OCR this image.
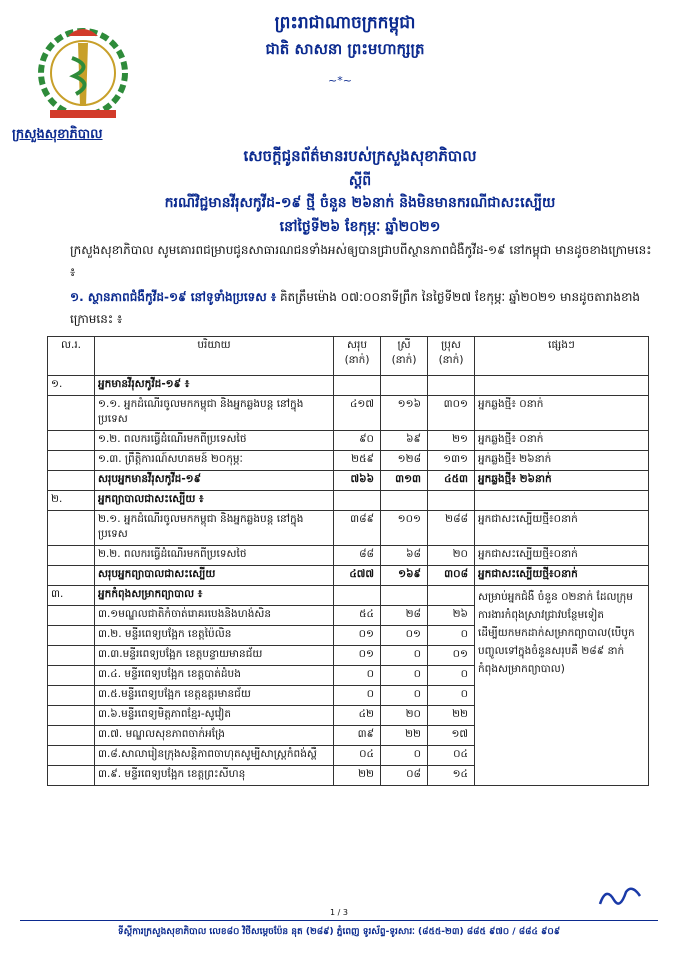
ព្រះរាជាណាចក្រកម្ពុជា
ជាតិ សាសនា ព្រះមហាក្សត្រ
~*~
ក្រសួងសុខាភិបាល
សេចក្តីជូនព័ត៌មានរបស់ក្រសួងសុខាភិបាល
ស្តីពី
ករណីវិជ្ជមានវីរុសកូវីដ-១៩ ថ្មី ចំនួន ២៦នាក់ និងមិនមានករណីជាសះស្បើយ
នៅថ្ងៃទី២៦ ខែកុម្ភៈ ឆ្នាំ២០២១
ក្រសួងសុខាភិបាល សូមគោរពជម្រាបជូនសាធារណជនទាំងអស់ឲ្យបានជ្រាបពីស្ថានភាពជំងឺកូវីដ-១៩ នៅកម្ពុជា មានដូចខាងក្រោមនេះ ៖
១. ស្ថានភាពជំងឺកូវីដ-១៩ នៅទូទាំងប្រទេស ៖ គិតត្រឹមម៉ោង ០៧:០០នាទីព្រឹក នៃថ្ងៃទី២៧ ខែកុម្ភៈ ឆ្នាំ២០២១ មានដូចតារាងខាងក្រោមនេះ ៖
ល.រ.	បរិយាយ	សរុប (នាក់)	ស្រី (នាក់)	ប្រុស (នាក់)	ផ្សេងៗ
១.	អ្នកមានវីរុសកូវីដ-១៩ ៖				
	១.១. អ្នកដំណើរចូលមកកម្ពុជា និងអ្នកឆ្លងបន្ត នៅក្នុងប្រទេស	៤១៧	១១៦	៣០១	អ្នកឆ្លងថ្មី៖ ០នាក់
	១.២. ពលករធ្វើដំណើរមកពីប្រទេសថៃ	៩០	៦៩	២១	អ្នកឆ្លងថ្មី៖ ០នាក់
	១.៣. ព្រឹត្តិការណ៍សហគមន៍ ២០កុម្ភៈ	២៥៩	១២៨	១៣១	អ្នកឆ្លងថ្មី៖ ២៦នាក់
	សរុបអ្នកមានវីរុសកូវីដ-១៩	៧៦៦	៣១៣	៤៥៣	អ្នកឆ្លងថ្មី៖ ២៦នាក់
២.	អ្នកព្យាបាលជាសះស្បើយ ៖				
	២.១. អ្នកដំណើរចូលមកកម្ពុជា និងអ្នកឆ្លងបន្ត នៅក្នុងប្រទេស	៣៨៩	១០១	២៨៨	អ្នកជាសះស្បើយថ្មី៖០នាក់
	២.២. ពលករធ្វើដំណើរមកពីប្រទេសថៃ	៨៨	៦៨	២០	អ្នកជាសះស្បើយថ្មី៖០នាក់
	សរុបអ្នកព្យាបាលជាសះស្បើយ	៤៧៧	១៦៩	៣០៨	អ្នកជាសះស្បើយថ្មី៖០នាក់
៣.	អ្នកកំពុងសម្រាកព្យាបាល ៖				សម្រាប់អ្នកជំងឺ ចំនួន ០២នាក់ ដែលក្រុមការងារកំពុងស្រាវជ្រាវបន្ថែមទៀត ដើម្បីយកមកដាក់សម្រាកព្យាបាល(បើបូកបញ្ចូលទៅក្នុងចំនួនសរុបគឺ ២៨៩ នាក់ កំពុងសម្រាកព្យាបាល)
	៣.១មណ្ឌលជាតិកំចាត់រោគរបេងនិងហង់សិន	៥៤	២៨	២៦	
	៣.២. មន្ទីរពេទ្យបង្អែក ខេត្តប៉ៃលិន	០១	០១	០	
	៣.៣.មន្ទីរពេទ្យបង្អែក ខេត្តបន្ទាយមានជ័យ	០១	០	០១	
	៣.៤. មន្ទីរពេទ្យបង្អែក ខេត្តបាត់ដំបង	០	០	០	
	៣.៥.មន្ទីរពេទ្យបង្អែក ខេត្តឧត្តរមានជ័យ	០	០	០	
	៣.៦.មន្ទីរពេទ្យមិត្តភាពខ្មែរ-សូវៀត	៤២	២០	២២	
	៣.៧. មណ្ឌលសុខភាពចាក់អង្រែ	៣៩	២២	១៧	
	៣.៨.សាលារៀនក្រុងសន្តិភាពចាហុតសូម្បីសាស្រ្តកំពង់ស្ពឺ	០៤	០	០៤	
	៣.៩. មន្ទីរពេទ្យបង្អែក ខេត្តព្រះសីហនុ	២២	០៨	១៤	
1 / 3
ទីស្តីការក្រសួងសុខាភិបាល លេខ៨០ វិថីសម្តេចប៉ែន នុត (២៨៩) ភ្នំពេញ ទូរស័ព្ទ-ទូរសារៈ (៨៥៥-២៣) ៨៨៥ ៩៧០ / ៨៨៤ ៩០៩
